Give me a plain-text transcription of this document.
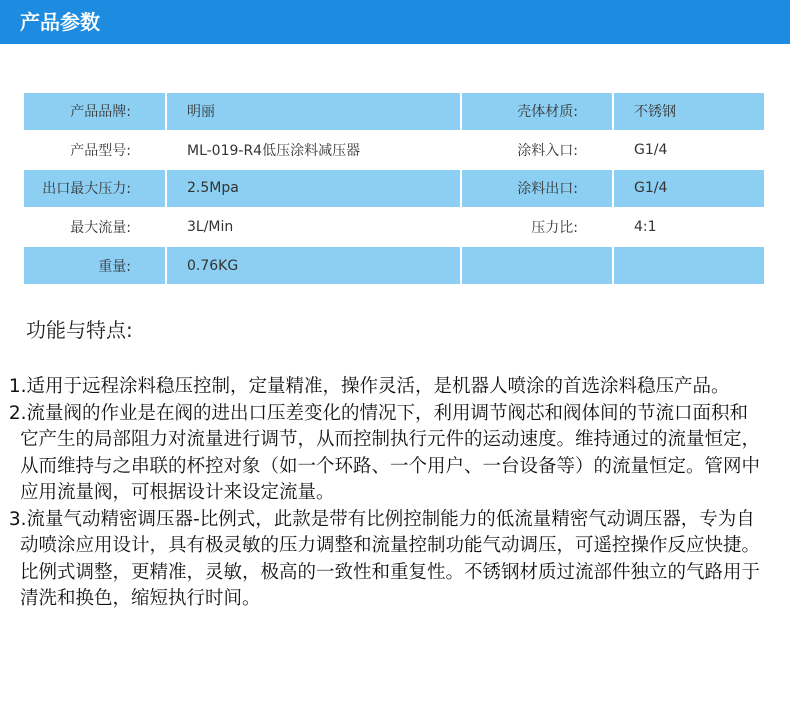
产品参数
产品品牌:	明丽	壳体材质:	不锈钢
产品型号:	ML-019-R4低压涂料减压器	涂料入口:	G1/4
出口最大压力:	2.5Mpa	涂料出口:	G1/4
最大流量:	3L/Min	压力比:	4:1
重量:	0.76KG		
功能与特点:
1.适用于远程涂料稳压控制，定量精准，操作灵活，是机器人喷涂的首选涂料稳压产品。
2.流量阀的作业是在阀的进出口压差变化的情况下，利用调节阀芯和阀体间的节流口面积和它产生的局部阻力对流量进行调节，从而控制执行元件的运动速度。维持通过的流量恒定，从而维持与之串联的杯控对象（如一个环路、一个用户、一台设备等）的流量恒定。管网中应用流量阀，可根据设计来设定流量。
3.流量气动精密调压器-比例式，此款是带有比例控制能力的低流量精密气动调压器，专为自动喷涂应用设计，具有极灵敏的压力调整和流量控制功能气动调压，可遥控操作反应快捷。比例式调整，更精准，灵敏，极高的一致性和重复性。不锈钢材质过流部件独立的气路用于清洗和换色，缩短执行时间。
